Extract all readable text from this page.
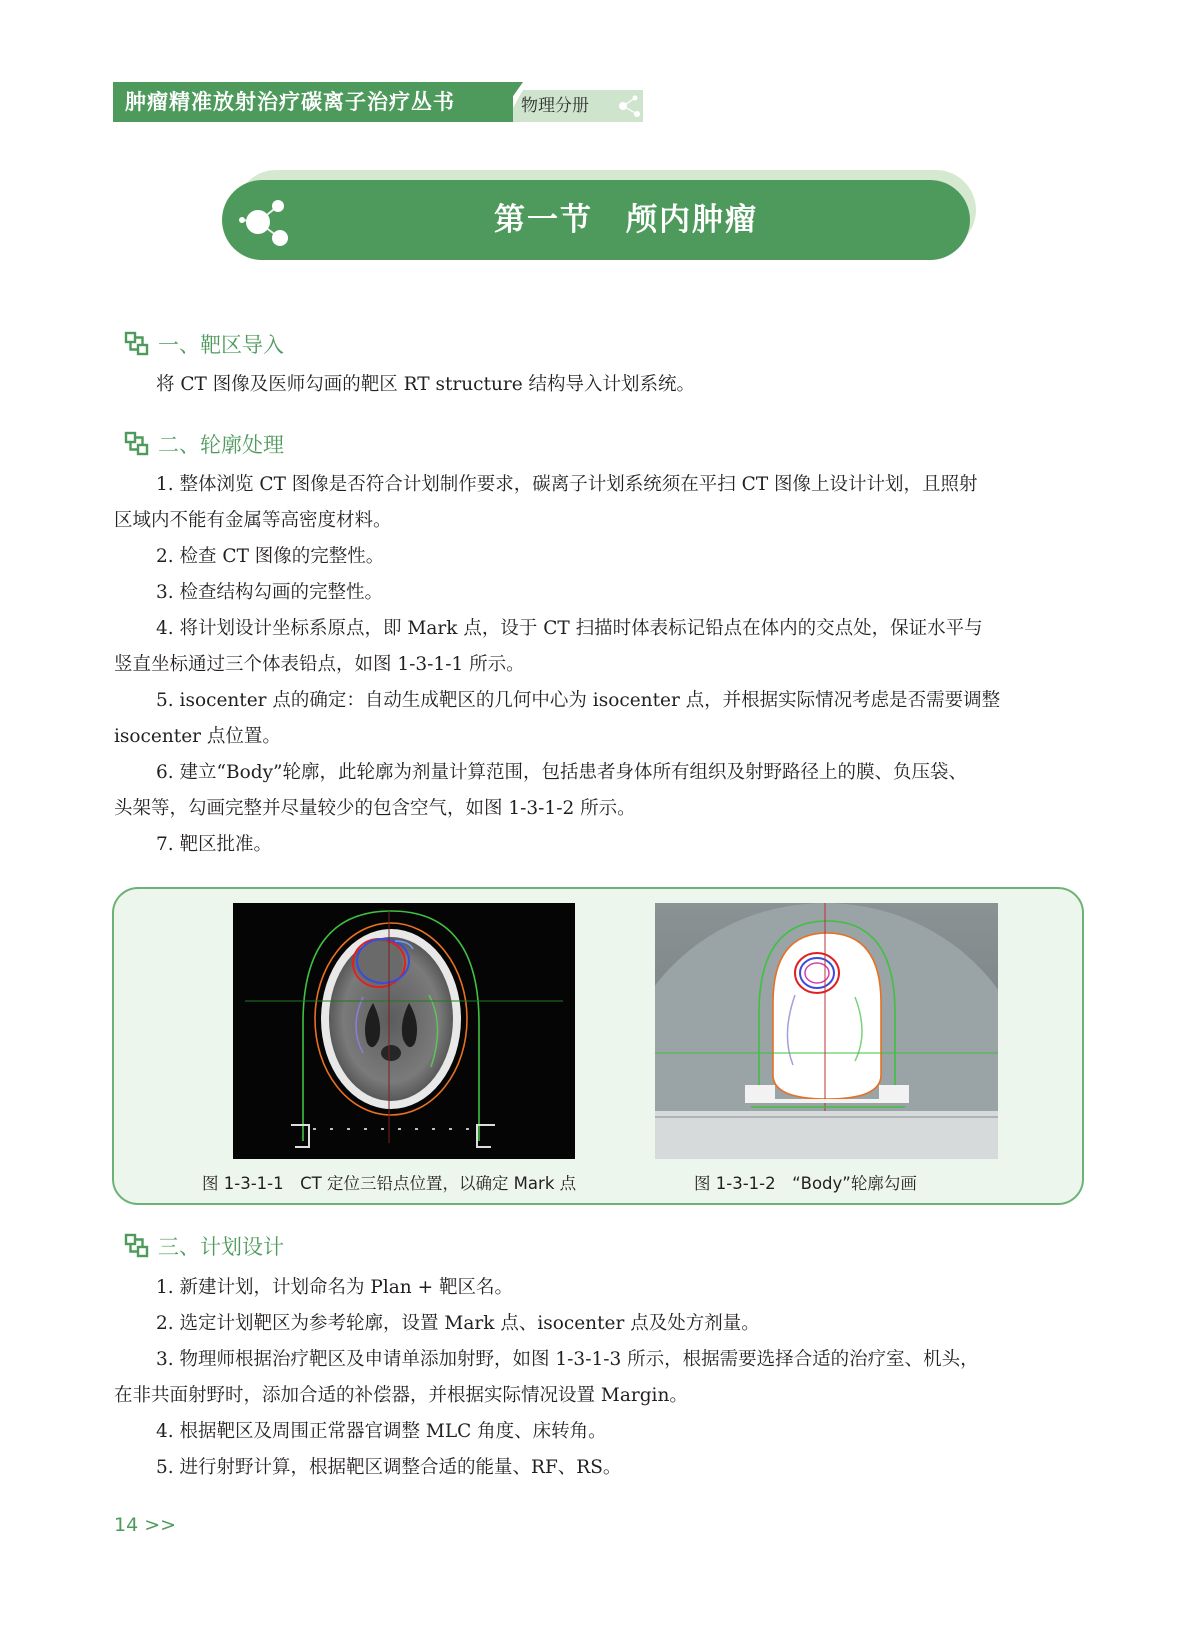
肿瘤精准放射治疗碳离子治疗丛书	物理分册
第一节　颅内肿瘤
一、靶区导入
将 CT 图像及医师勾画的靶区 RT structure 结构导入计划系统。
二、轮廓处理
1. 整体浏览 CT 图像是否符合计划制作要求，碳离子计划系统须在平扫 CT 图像上设计计划，且照射
区域内不能有金属等高密度材料。
2. 检查 CT 图像的完整性。
3. 检查结构勾画的完整性。
4. 将计划设计坐标系原点，即 Mark 点，设于 CT 扫描时体表标记铅点在体内的交点处，保证水平与
竖直坐标通过三个体表铅点，如图 1-3-1-1 所示。
5. isocenter 点的确定：自动生成靶区的几何中心为 isocenter 点，并根据实际情况考虑是否需要调整
isocenter 点位置。
6. 建立“Body”轮廓，此轮廓为剂量计算范围，包括患者身体所有组织及射野路径上的膜、负压袋、
头架等，勾画完整并尽量较少的包含空气，如图 1-3-1-2 所示。
7. 靶区批准。
图 1-3-1-1　CT 定位三铅点位置，以确定 Mark 点	图 1-3-1-2　“Body”轮廓勾画
三、计划设计
1. 新建计划，计划命名为 Plan + 靶区名。
2. 选定计划靶区为参考轮廓，设置 Mark 点、isocenter 点及处方剂量。
3. 物理师根据治疗靶区及申请单添加射野，如图 1-3-1-3 所示，根据需要选择合适的治疗室、机头，
在非共面射野时，添加合适的补偿器，并根据实际情况设置 Margin。
4. 根据靶区及周围正常器官调整 MLC 角度、床转角。
5. 进行射野计算，根据靶区调整合适的能量、RF、RS。
14 >>
